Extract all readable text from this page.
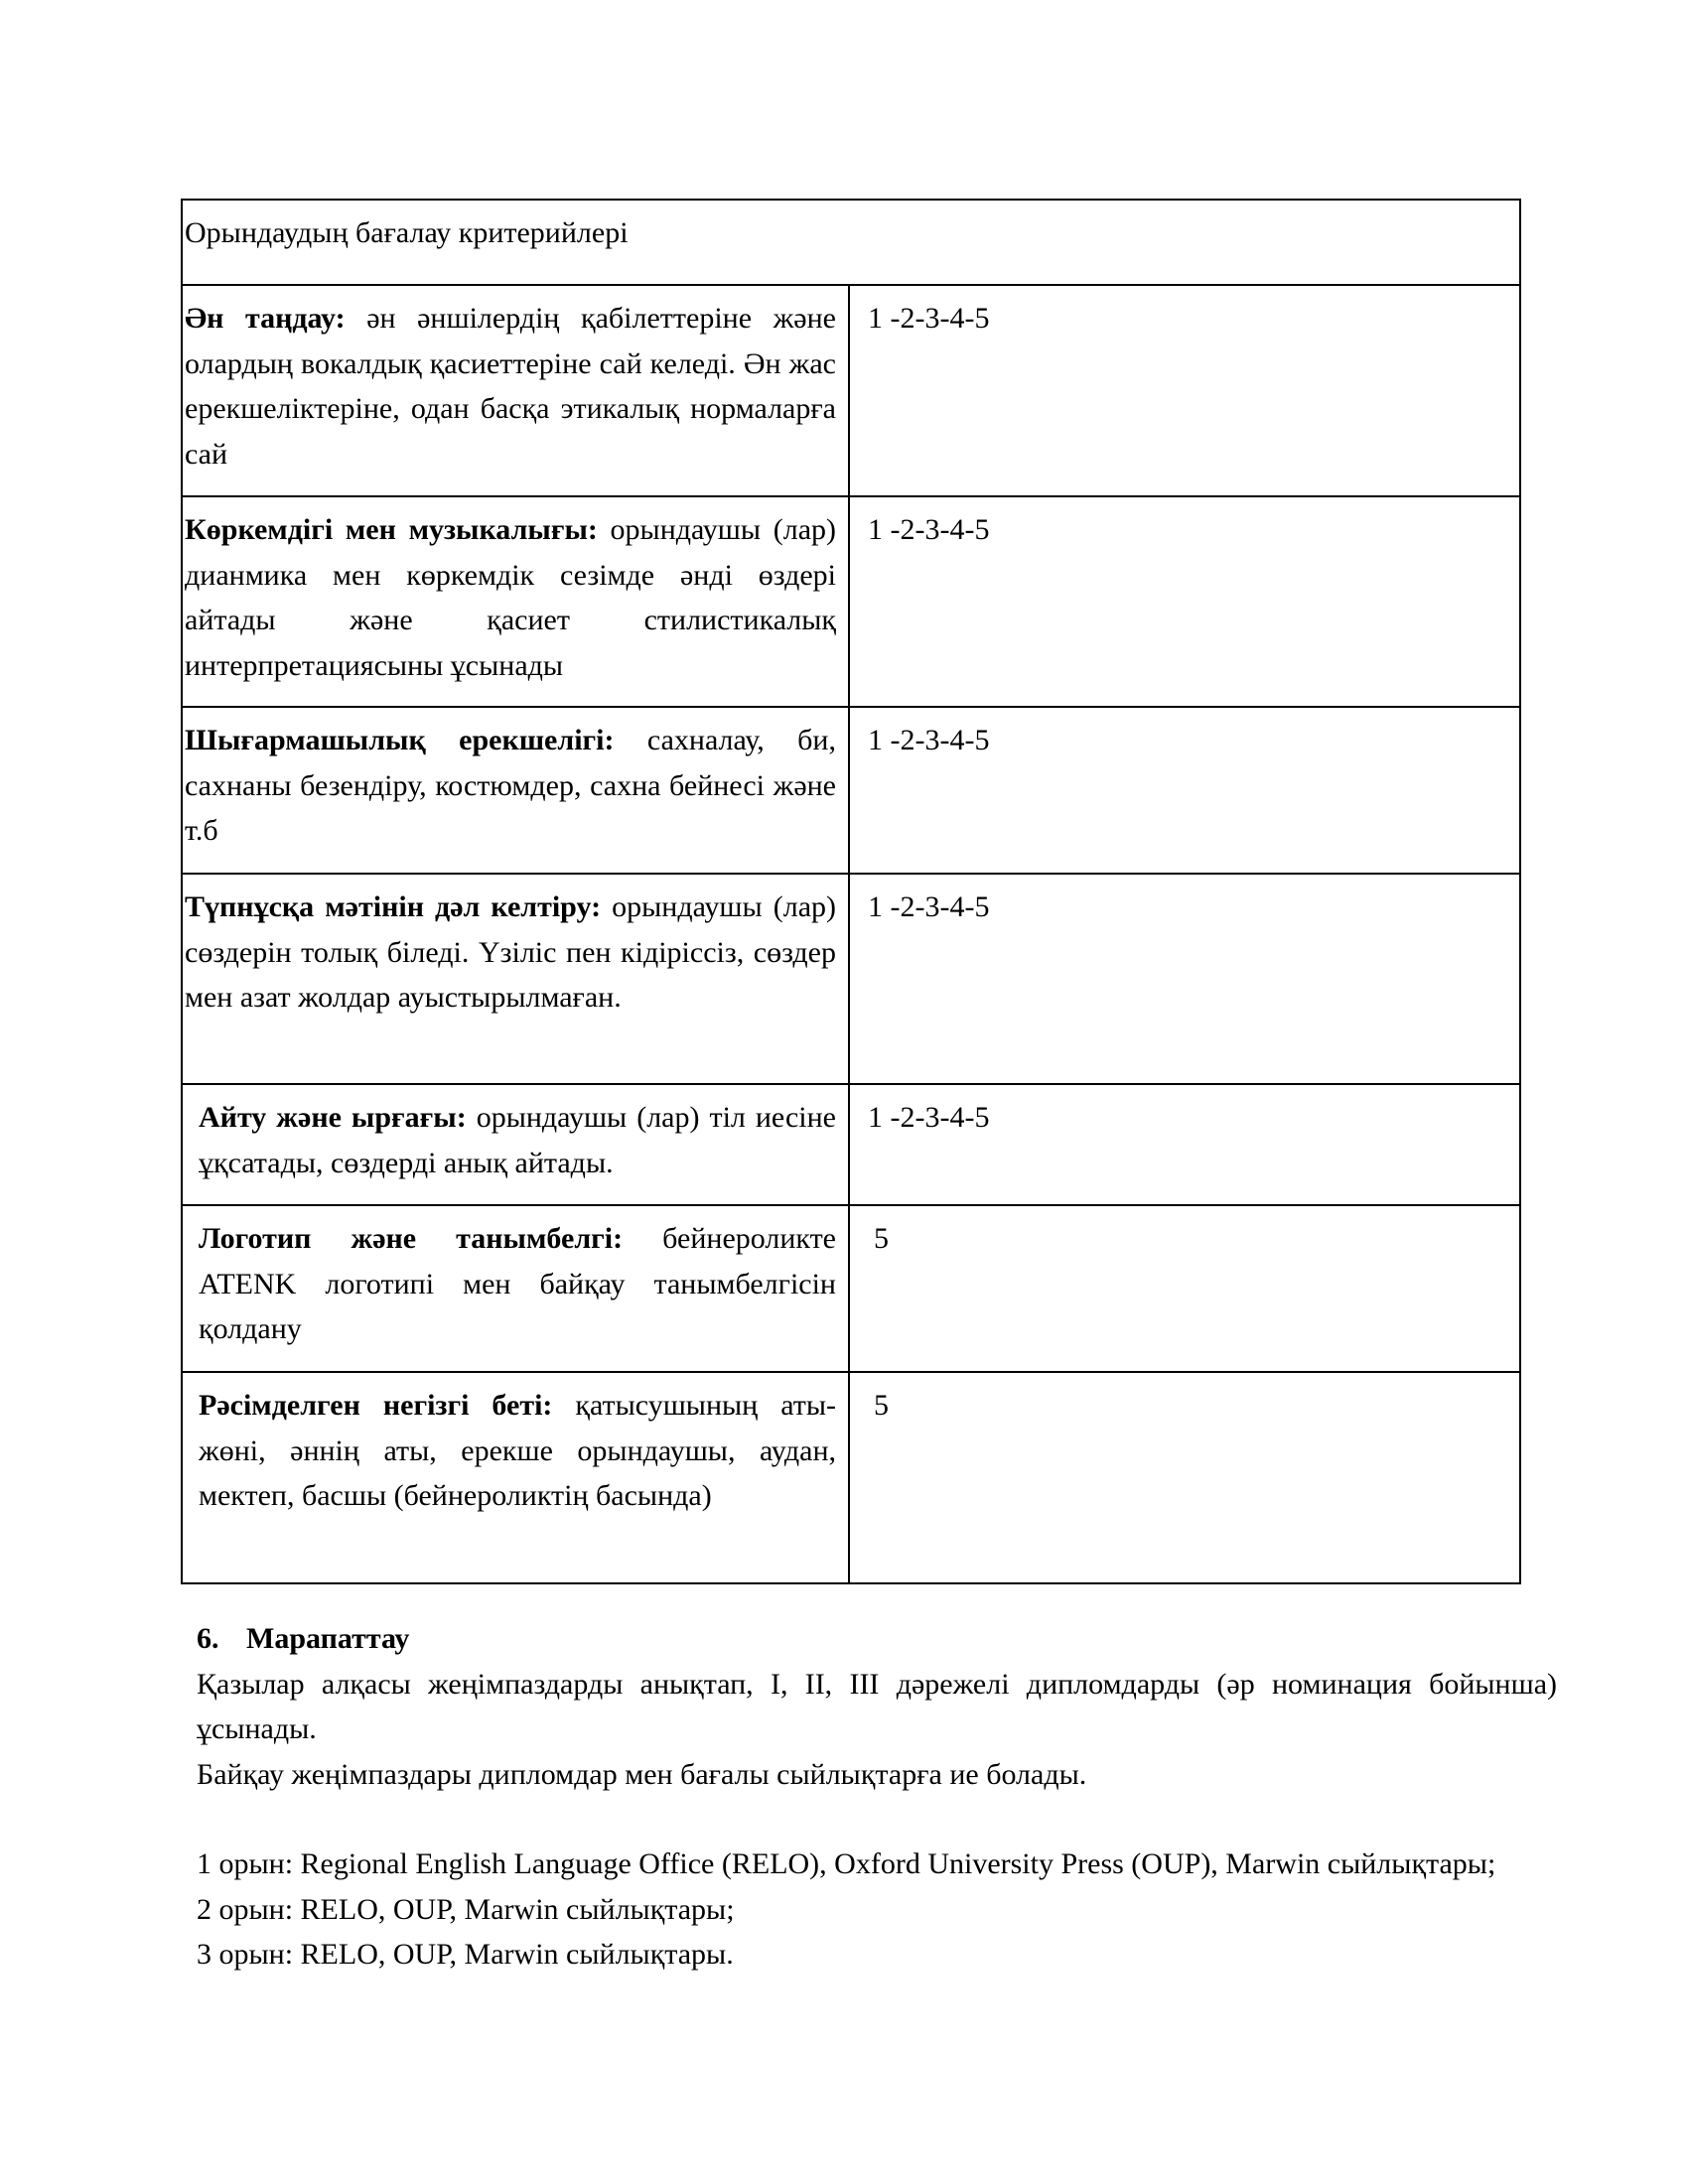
Орындаудың бағалау критерийлері	
Ән таңдау: ән әншілердің қабілеттеріне және олардың вокалдық қасиеттеріне сай келеді. Ән жас ерекшеліктеріне, одан басқа этикалық нормаларға сай	1 -2-3-4-5
Көркемдігі мен музыкалығы: орындаушы (лар) дианмика мен көркемдік сезімде әнді өздері айтады және қасиет стилистикалық интерпретациясыны ұсынады	1 -2-3-4-5
Шығармашылық ерекшелігі: сахналау, би, сахнаны безендіру, костюмдер, сахна бейнесі және т.б	1 -2-3-4-5
Түпнұсқа мәтінін дәл келтіру: орындаушы (лар) сөздерін толық біледі. Үзіліс пен кідіріссіз, сөздер мен азат жолдар ауыстырылмаған.	1 -2-3-4-5
Айту және ырғағы: орындаушы (лар) тіл иесіне ұқсатады, сөздерді анық айтады.	1 -2-3-4-5
Логотип және танымбелгі: бейнероликте ATENK логотипі мен байқау танымбелгісін қолдану	5
Рәсімделген негізгі беті: қатысушының аты-жөні, әннің аты, ерекше орындаушы, аудан, мектеп, басшы (бейнероликтің басында)	5

6. Марапаттау

Қазылар алқасы жеңімпаздарды анықтап, I, II, III дәрежелі дипломдарды (әр номинация бойынша) ұсынады.

Байқау жеңімпаздары дипломдар мен бағалы сыйлықтарға ие болады.

1 орын: Regional English Language Office (RELO), Oxford University Press (OUP), Marwin сыйлықтары;

2 орын: RELO, OUP, Marwin сыйлықтары;

3 орын: RELO, OUP, Marwin сыйлықтары.
